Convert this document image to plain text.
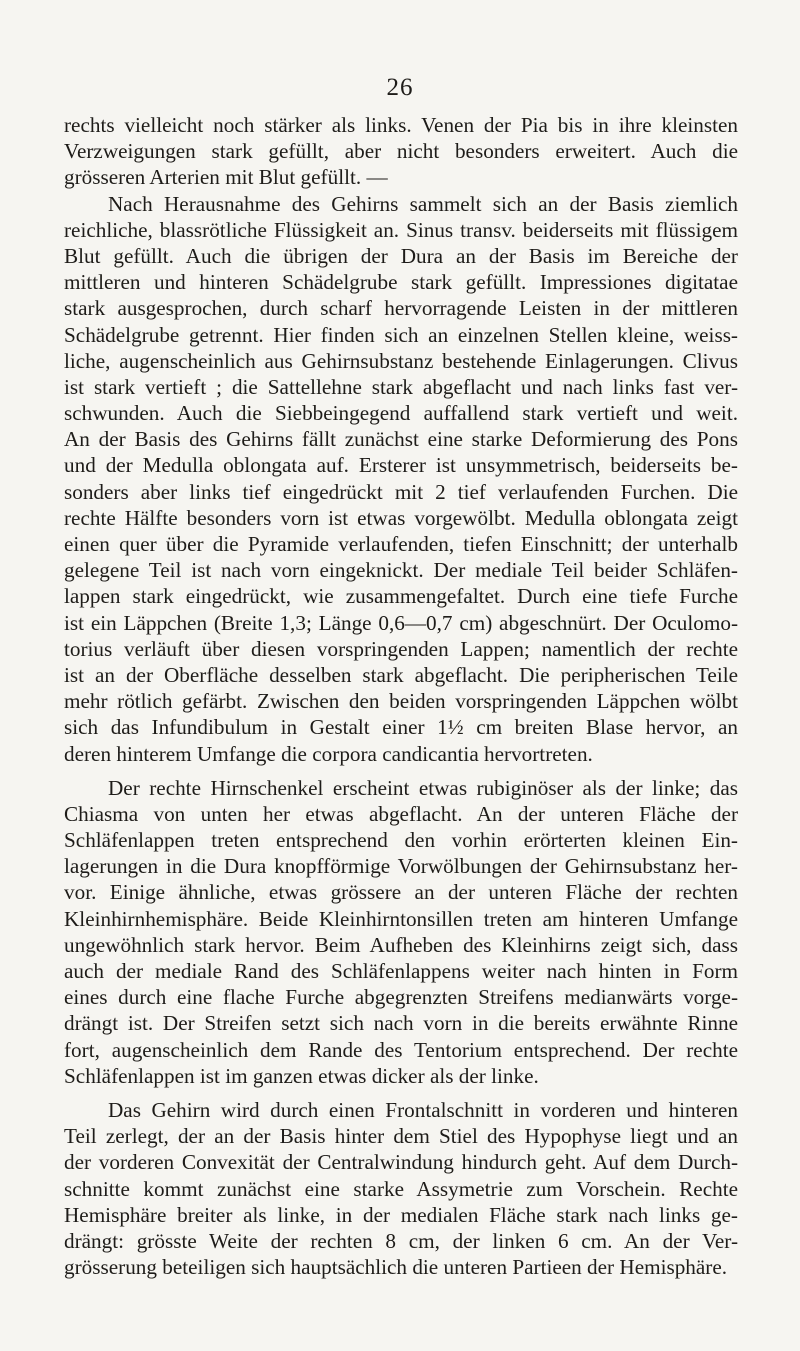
26
rechts vielleicht noch stärker als links. Venen der Pia bis in ihre kleinsten
Verzweigungen stark gefüllt, aber nicht besonders erweitert. Auch die
grösseren Arterien mit Blut gefüllt. —
Nach Herausnahme des Gehirns sammelt sich an der Basis ziemlich
reichliche, blassrötliche Flüssigkeit an. Sinus transv. beiderseits mit flüssigem
Blut gefüllt. Auch die übrigen der Dura an der Basis im Bereiche der
mittleren und hinteren Schädelgrube stark gefüllt. Impressiones digitatae
stark ausgesprochen, durch scharf hervorragende Leisten in der mittleren
Schädelgrube getrennt. Hier finden sich an einzelnen Stellen kleine, weiss-
liche, augenscheinlich aus Gehirnsubstanz bestehende Einlagerungen. Clivus
ist stark vertieft ; die Sattellehne stark abgeflacht und nach links fast ver-
schwunden. Auch die Siebbeingegend auffallend stark vertieft und weit.
An der Basis des Gehirns fällt zunächst eine starke Deformierung des Pons
und der Medulla oblongata auf. Ersterer ist unsymmetrisch, beiderseits be-
sonders aber links tief eingedrückt mit 2 tief verlaufenden Furchen. Die
rechte Hälfte besonders vorn ist etwas vorgewölbt. Medulla oblongata zeigt
einen quer über die Pyramide verlaufenden, tiefen Einschnitt; der unterhalb
gelegene Teil ist nach vorn eingeknickt. Der mediale Teil beider Schläfen-
lappen stark eingedrückt, wie zusammengefaltet. Durch eine tiefe Furche
ist ein Läppchen (Breite 1,3; Länge 0,6—0,7 cm) abgeschnürt. Der Oculomo-
torius verläuft über diesen vorspringenden Lappen; namentlich der rechte
ist an der Oberfläche desselben stark abgeflacht. Die peripherischen Teile
mehr rötlich gefärbt. Zwischen den beiden vorspringenden Läppchen wölbt
sich das Infundibulum in Gestalt einer 1½ cm breiten Blase hervor, an
deren hinterem Umfange die corpora candicantia hervortreten.
Der rechte Hirnschenkel erscheint etwas rubiginöser als der linke; das
Chiasma von unten her etwas abgeflacht. An der unteren Fläche der
Schläfenlappen treten entsprechend den vorhin erörterten kleinen Ein-
lagerungen in die Dura knopfförmige Vorwölbungen der Gehirnsubstanz her-
vor. Einige ähnliche, etwas grössere an der unteren Fläche der rechten
Kleinhirnhemisphäre. Beide Kleinhirntonsillen treten am hinteren Umfange
ungewöhnlich stark hervor. Beim Aufheben des Kleinhirns zeigt sich, dass
auch der mediale Rand des Schläfenlappens weiter nach hinten in Form
eines durch eine flache Furche abgegrenzten Streifens medianwärts vorge-
drängt ist. Der Streifen setzt sich nach vorn in die bereits erwähnte Rinne
fort, augenscheinlich dem Rande des Tentorium entsprechend. Der rechte
Schläfenlappen ist im ganzen etwas dicker als der linke.
Das Gehirn wird durch einen Frontalschnitt in vorderen und hinteren
Teil zerlegt, der an der Basis hinter dem Stiel des Hypophyse liegt und an
der vorderen Convexität der Centralwindung hindurch geht. Auf dem Durch-
schnitte kommt zunächst eine starke Assymetrie zum Vorschein. Rechte
Hemisphäre breiter als linke, in der medialen Fläche stark nach links ge-
drängt: grösste Weite der rechten 8 cm, der linken 6 cm. An der Ver-
grösserung beteiligen sich hauptsächlich die unteren Partieen der Hemisphäre.
